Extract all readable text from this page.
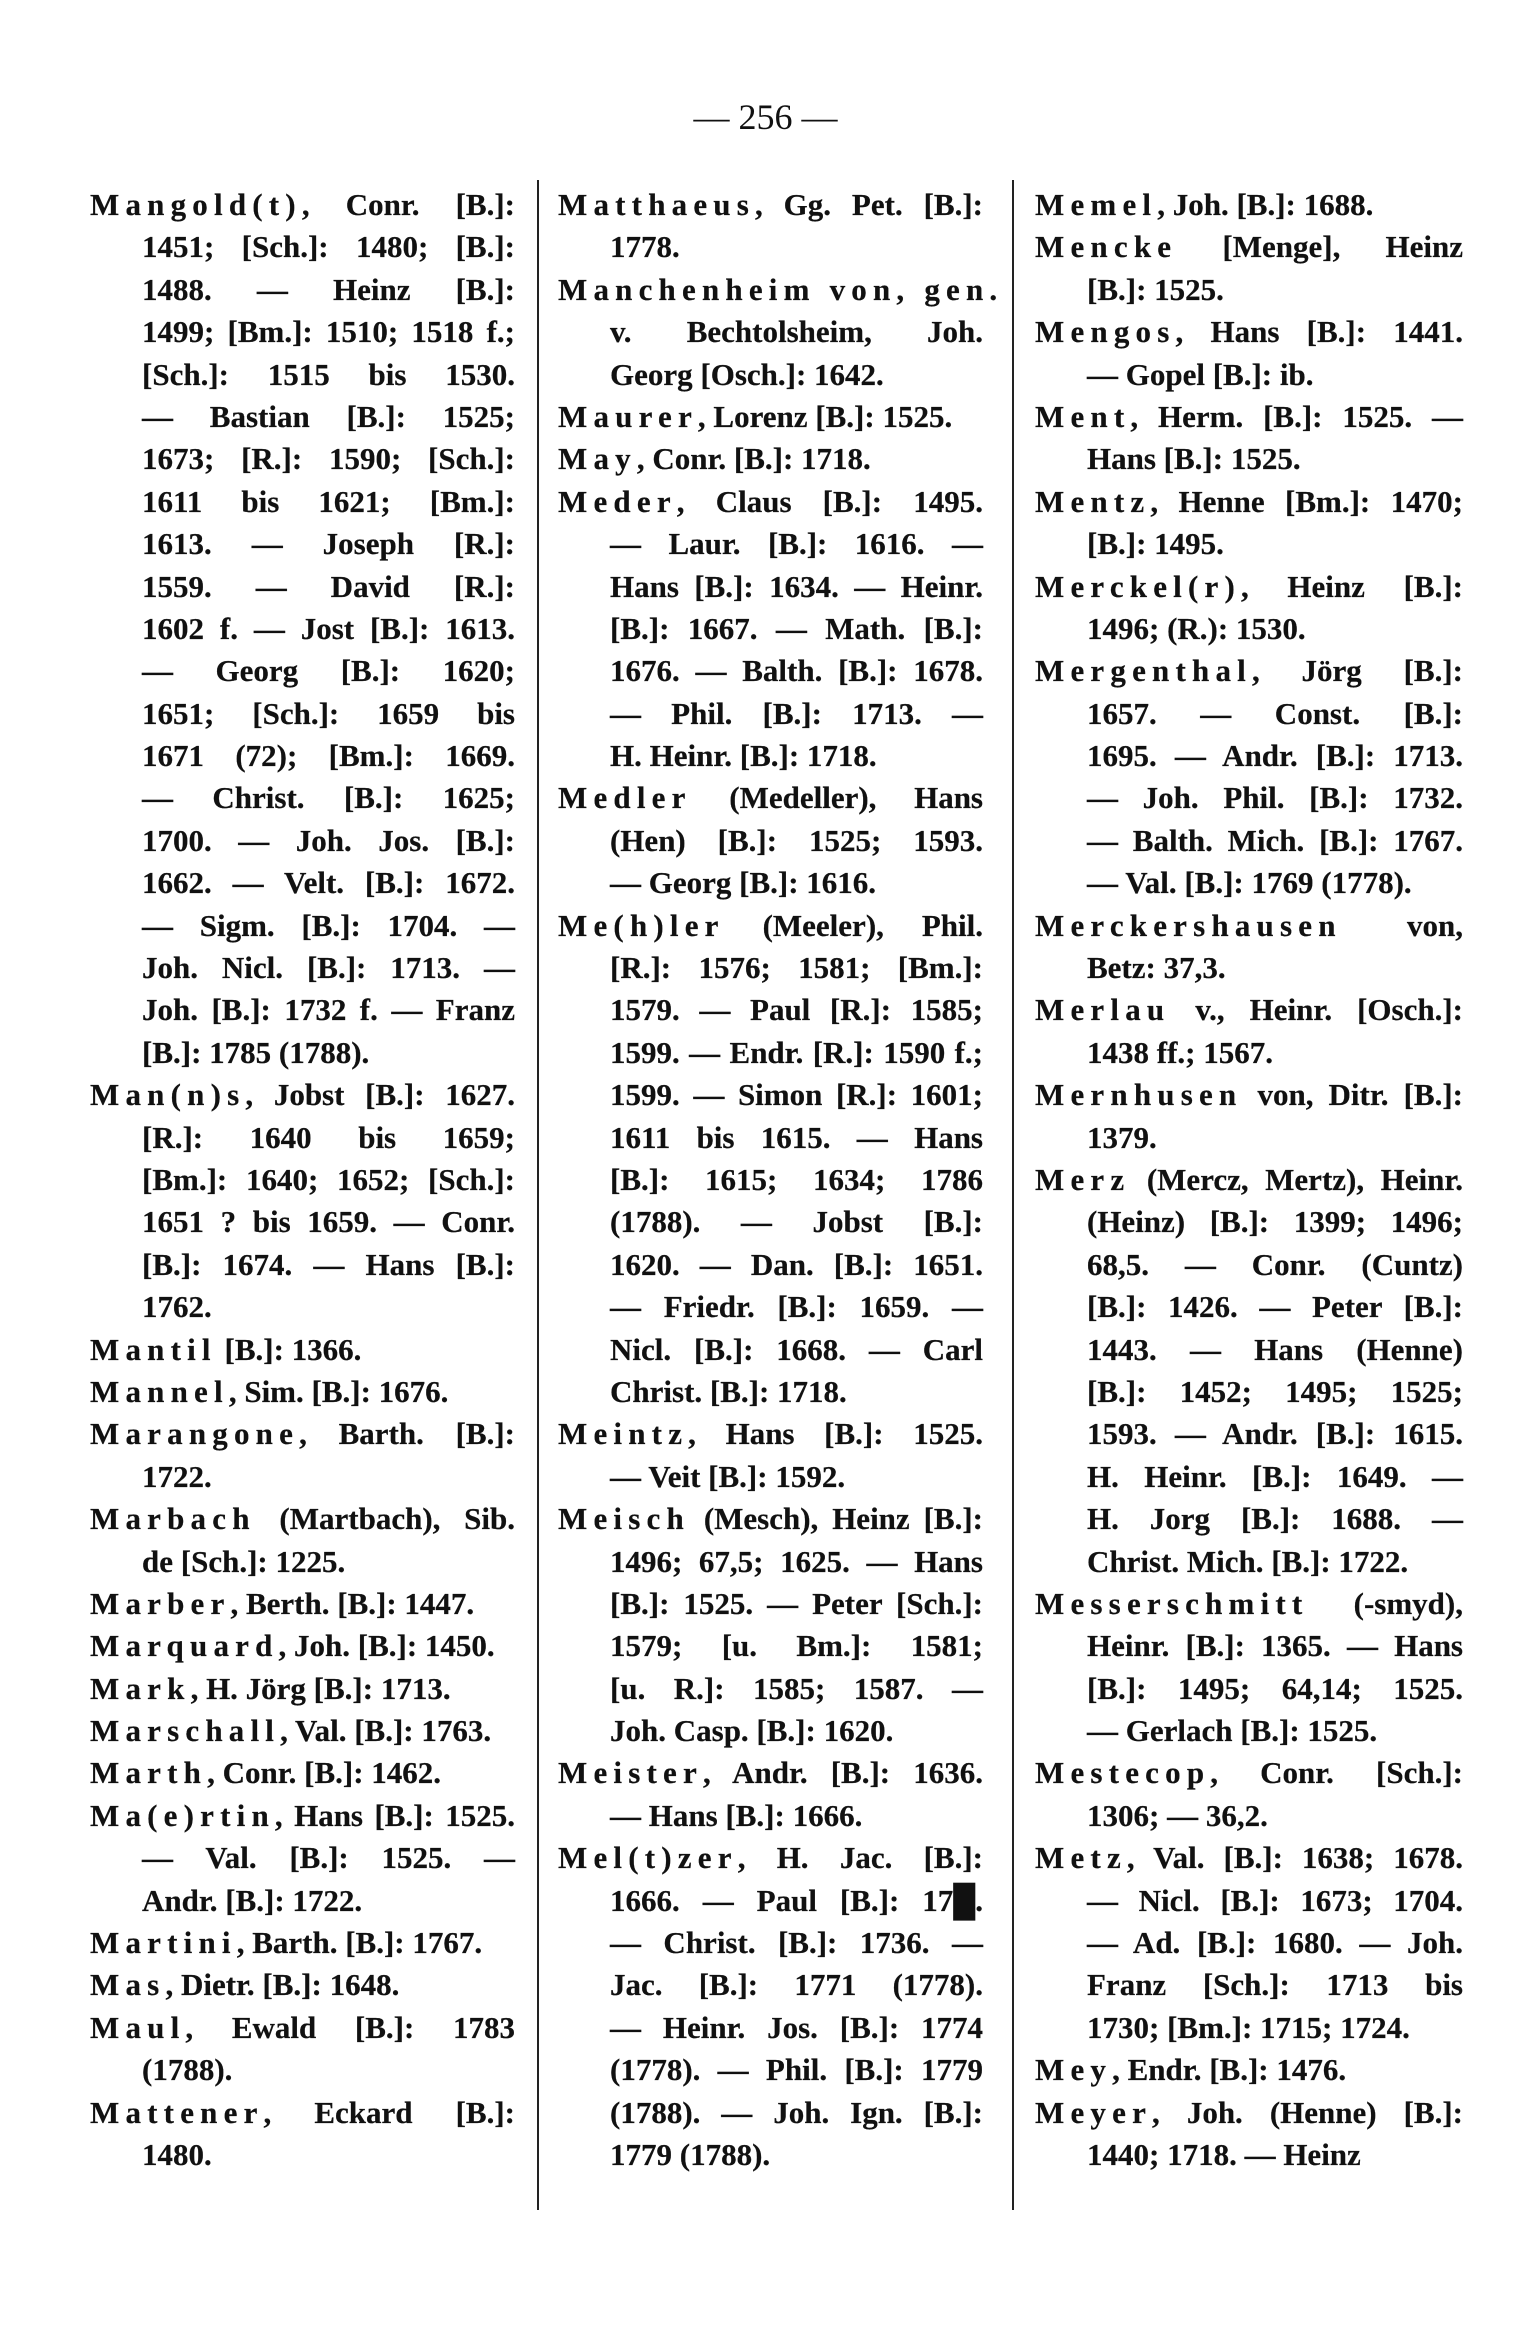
— 256 —
Mangold(t), Conr. [B.]:
1451; [Sch.]: 1480; [B.]:
1488. — Heinz [B.]:
1499; [Bm.]: 1510; 1518 f.;
[Sch.]: 1515 bis 1530.
— Bastian [B.]: 1525;
1673; [R.]: 1590; [Sch.]:
1611 bis 1621; [Bm.]:
1613. — Joseph [R.]:
1559. — David [R.]:
1602 f. — Jost [B.]: 1613.
— Georg [B.]: 1620;
1651; [Sch.]: 1659 bis
1671 (72); [Bm.]: 1669.
— Christ. [B.]: 1625;
1700. — Joh. Jos. [B.]:
1662. — Velt. [B.]: 1672.
— Sigm. [B.]: 1704. —
Joh. Nicl. [B.]: 1713. —
Joh. [B.]: 1732 f. — Franz
[B.]: 1785 (1788).
Man(n)s, Jobst [B.]: 1627.
[R.]: 1640 bis 1659;
[Bm.]: 1640; 1652; [Sch.]:
1651 ? bis 1659. — Conr.
[B.]: 1674. — Hans [B.]:
1762.
Mantil [B.]: 1366.
Mannel, Sim. [B.]: 1676.
Marangone, Barth. [B.]:
1722.
Marbach (Martbach), Sib.
de [Sch.]: 1225.
Marber, Berth. [B.]: 1447.
Marquard, Joh. [B.]: 1450.
Mark, H. Jörg [B.]: 1713.
Marschall, Val. [B.]: 1763.
Marth, Conr. [B.]: 1462.
Ma(e)rtin, Hans [B.]: 1525.
— Val. [B.]: 1525. —
Andr. [B.]: 1722.
Martini, Barth. [B.]: 1767.
Mas, Dietr. [B.]: 1648.
Maul, Ewald [B.]: 1783
(1788).
Mattener, Eckard [B.]:
1480.
Matthaeus, Gg. Pet. [B.]:
1778.
Manchenheim von, gen.
v. Bechtolsheim, Joh.
Georg [Osch.]: 1642.
Maurer, Lorenz [B.]: 1525.
May, Conr. [B.]: 1718.
Meder, Claus [B.]: 1495.
— Laur. [B.]: 1616. —
Hans [B.]: 1634. — Heinr.
[B.]: 1667. — Math. [B.]:
1676. — Balth. [B.]: 1678.
— Phil. [B.]: 1713. —
H. Heinr. [B.]: 1718.
Medler (Medeller), Hans
(Hen) [B.]: 1525; 1593.
— Georg [B.]: 1616.
Me(h)ler (Meeler), Phil.
[R.]: 1576; 1581; [Bm.]:
1579. — Paul [R.]: 1585;
1599. — Endr. [R.]: 1590 f.;
1599. — Simon [R.]: 1601;
1611 bis 1615. — Hans
[B.]: 1615; 1634; 1786
(1788). — Jobst [B.]:
1620. — Dan. [B.]: 1651.
— Friedr. [B.]: 1659. —
Nicl. [B.]: 1668. — Carl
Christ. [B.]: 1718.
Meintz, Hans [B.]: 1525.
— Veit [B.]: 1592.
Meisch (Mesch), Heinz [B.]:
1496; 67,5; 1625. — Hans
[B.]: 1525. — Peter [Sch.]:
1579; [u. Bm.]: 1581;
[u. R.]: 1585; 1587. —
Joh. Casp. [B.]: 1620.
Meister, Andr. [B.]: 1636.
— Hans [B.]: 1666.
Mel(t)zer, H. Jac. [B.]:
1666. — Paul [B.]: 17█.
— Christ. [B.]: 1736. —
Jac. [B.]: 1771 (1778).
— Heinr. Jos. [B.]: 1774
(1778). — Phil. [B.]: 1779
(1788). — Joh. Ign. [B.]:
1779 (1788).
Memel, Joh. [B.]: 1688.
Mencke [Menge], Heinz
[B.]: 1525.
Mengos, Hans [B.]: 1441.
— Gopel [B.]: ib.
Ment, Herm. [B.]: 1525. —
Hans [B.]: 1525.
Mentz, Henne [Bm.]: 1470;
[B.]: 1495.
Merckel(r), Heinz [B.]:
1496; (R.): 1530.
Mergenthal, Jörg [B.]:
1657. — Const. [B.]:
1695. — Andr. [B.]: 1713.
— Joh. Phil. [B.]: 1732.
— Balth. Mich. [B.]: 1767.
— Val. [B.]: 1769 (1778).
Merckershausen von,
Betz: 37,3.
Merlau v., Heinr. [Osch.]:
1438 ff.; 1567.
Mernhusen von, Ditr. [B.]:
1379.
Merz (Mercz, Mertz), Heinr.
(Heinz) [B.]: 1399; 1496;
68,5. — Conr. (Cuntz)
[B.]: 1426. — Peter [B.]:
1443. — Hans (Henne)
[B.]: 1452; 1495; 1525;
1593. — Andr. [B.]: 1615.
H. Heinr. [B.]: 1649. —
H. Jorg [B.]: 1688. —
Christ. Mich. [B.]: 1722.
Messerschmitt (-smyd),
Heinr. [B.]: 1365. — Hans
[B.]: 1495; 64,14; 1525.
— Gerlach [B.]: 1525.
Mestecop, Conr. [Sch.]:
1306; — 36,2.
Metz, Val. [B.]: 1638; 1678.
— Nicl. [B.]: 1673; 1704.
— Ad. [B.]: 1680. — Joh.
Franz [Sch.]: 1713 bis
1730; [Bm.]: 1715; 1724.
Mey, Endr. [B.]: 1476.
Meyer, Joh. (Henne) [B.]:
1440; 1718. — Heinz
